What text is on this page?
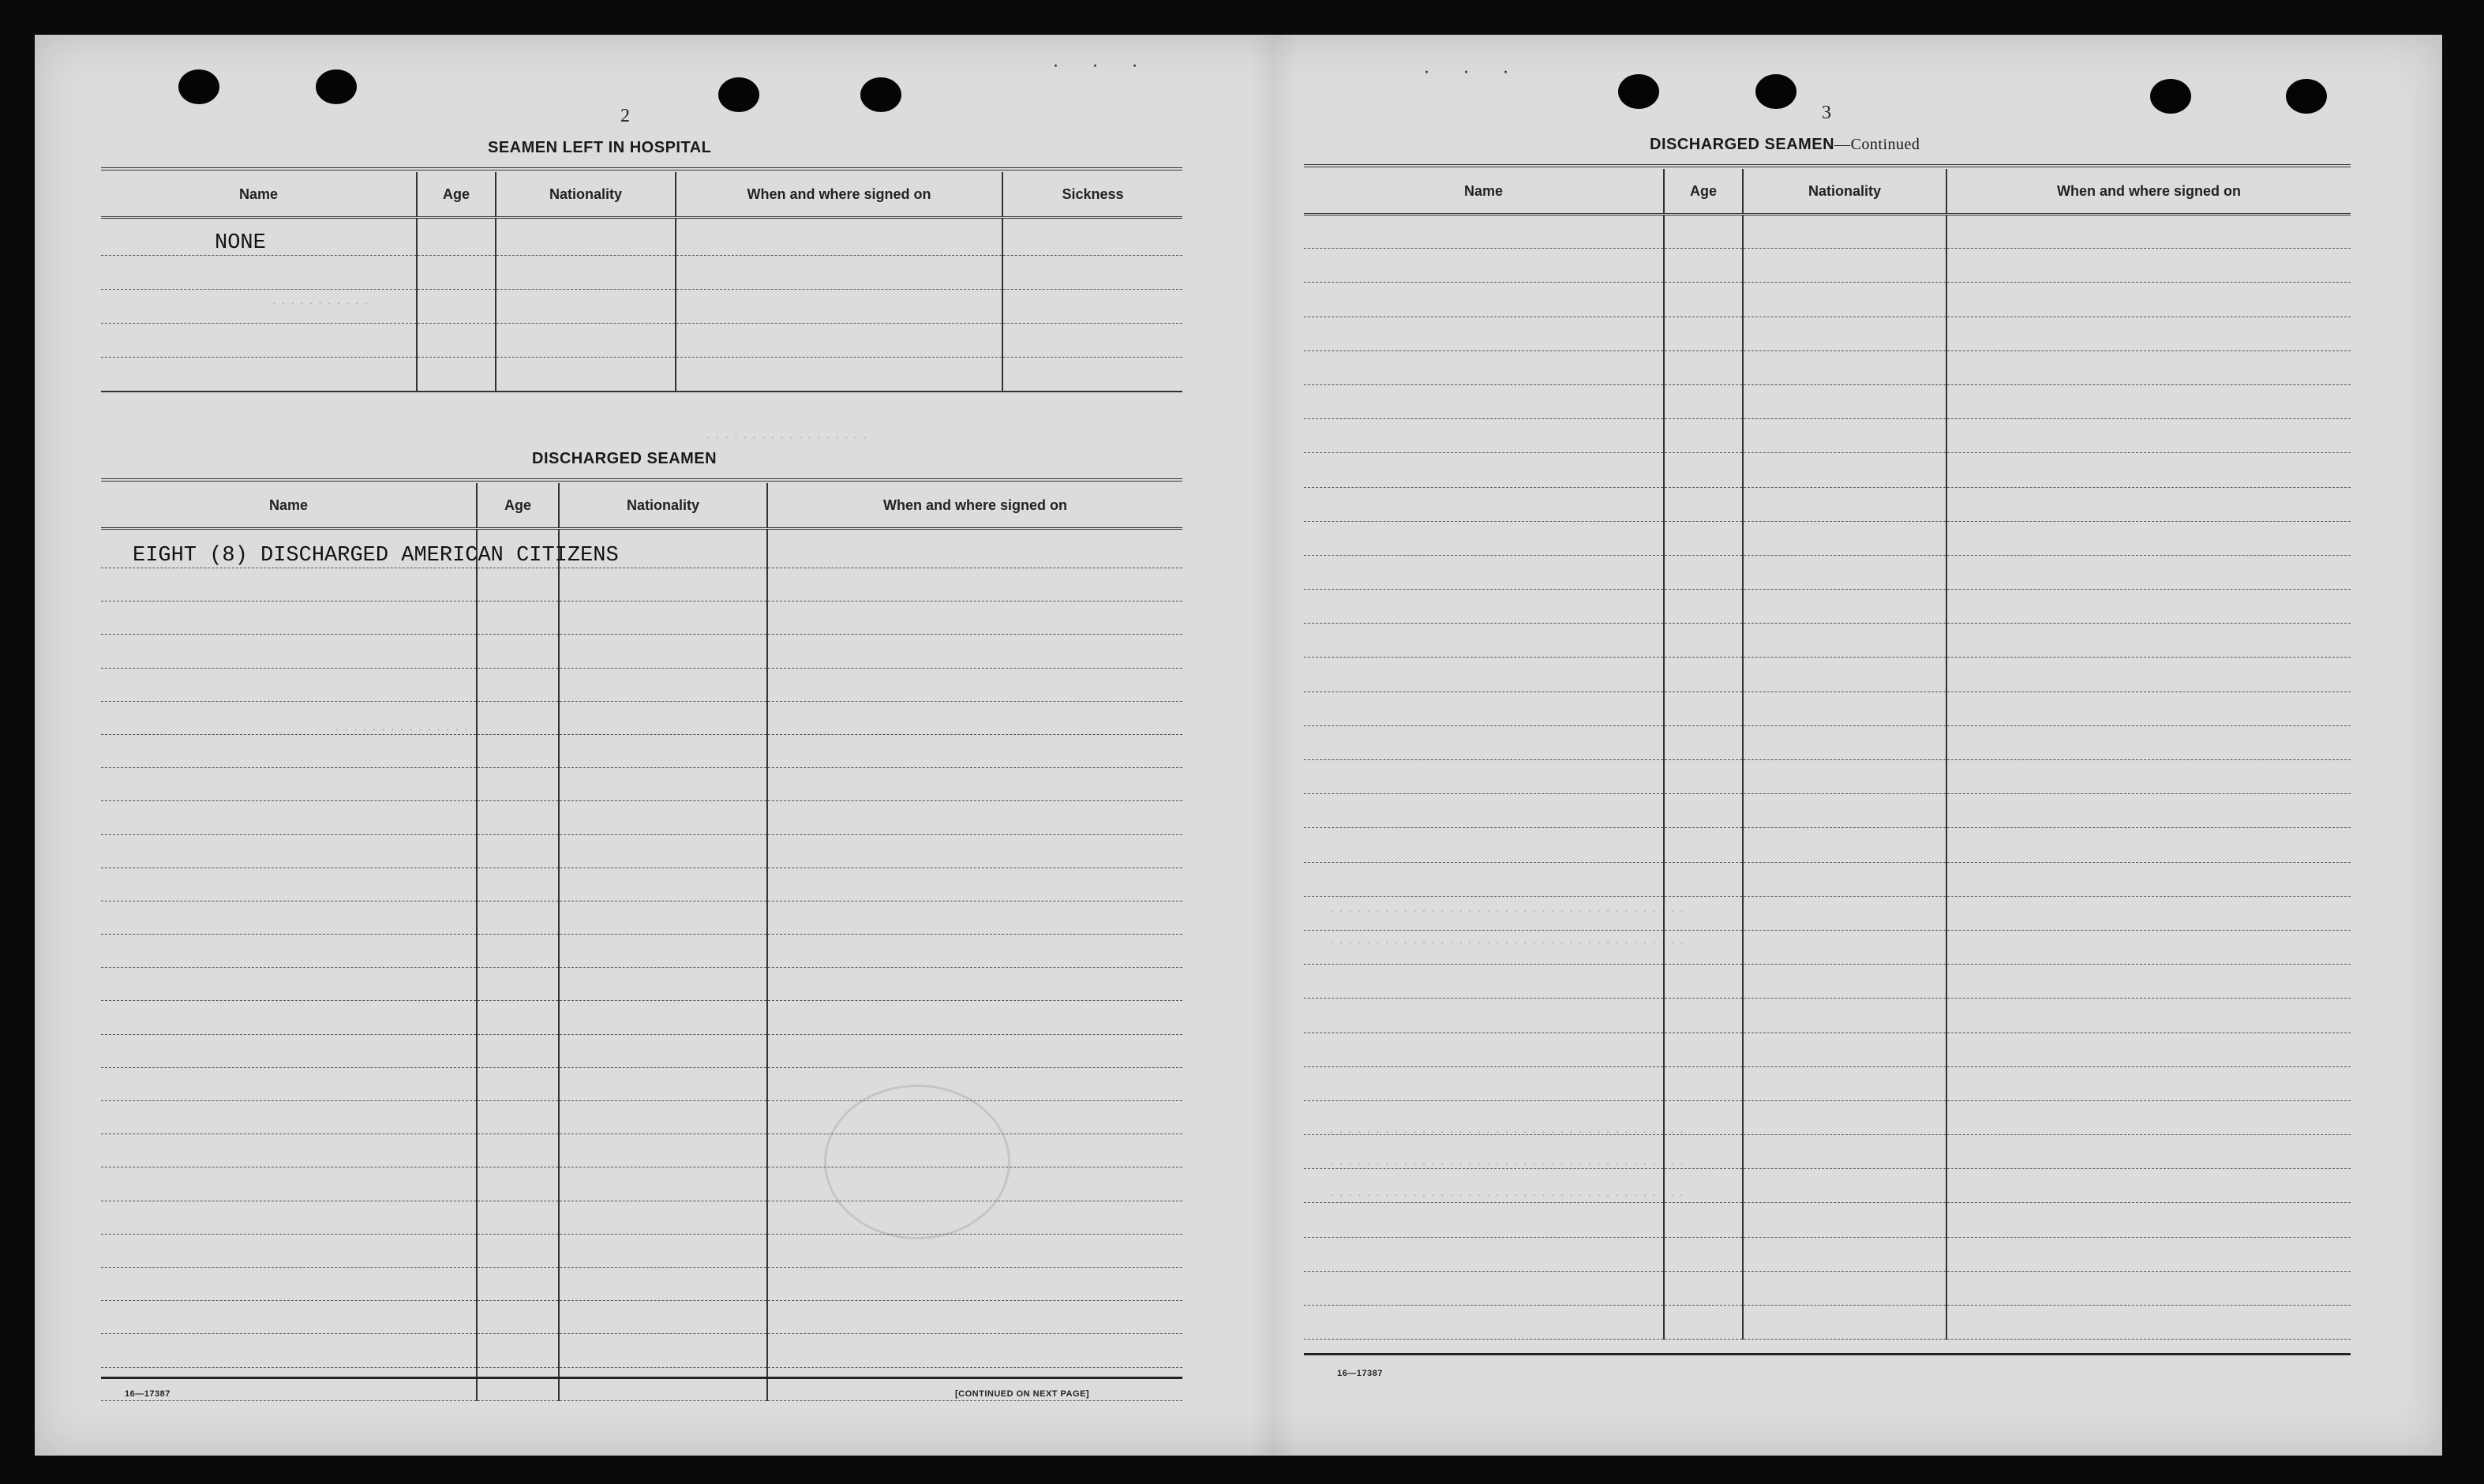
· · ·	· · ·
· · · · · · · · · · ·
· · · · · · · · · · · · · · · · · ·
· · · · · · · · · · · · · · ·
· · · · · · · · · · · · · · · · · · · · · · · · · · · · · · · · · · · · · · ·
· · · · · · · · · · · · · · · · · · · · · · · · · · · · · · · · · · · · · · ·
· · · · · · · · · · · · · · · · · · · · · · · · · · · · · · · · · · · · · · ·
· · · · · · · · · · · · · · · · · · · · · · · · · · · · · · · · · · · · · · ·
· · · · · · · · · · · · · · · · · · · · · · · · · · · · · · · · · · · · · · ·
2
SEAMEN LEFT IN HOSPITAL
Name	Age	Nationality	When and where signed on	Sickness
NONE				

DISCHARGED SEAMEN
Name	Age	Nationality	When and where signed on
EIGHT (8) DISCHARGED AMERICAN CITIZENS			

16—17387	[CONTINUED ON NEXT PAGE]
3
DISCHARGED SEAMEN—Continued
Name	Age	Nationality	When and where signed on

16—17387
